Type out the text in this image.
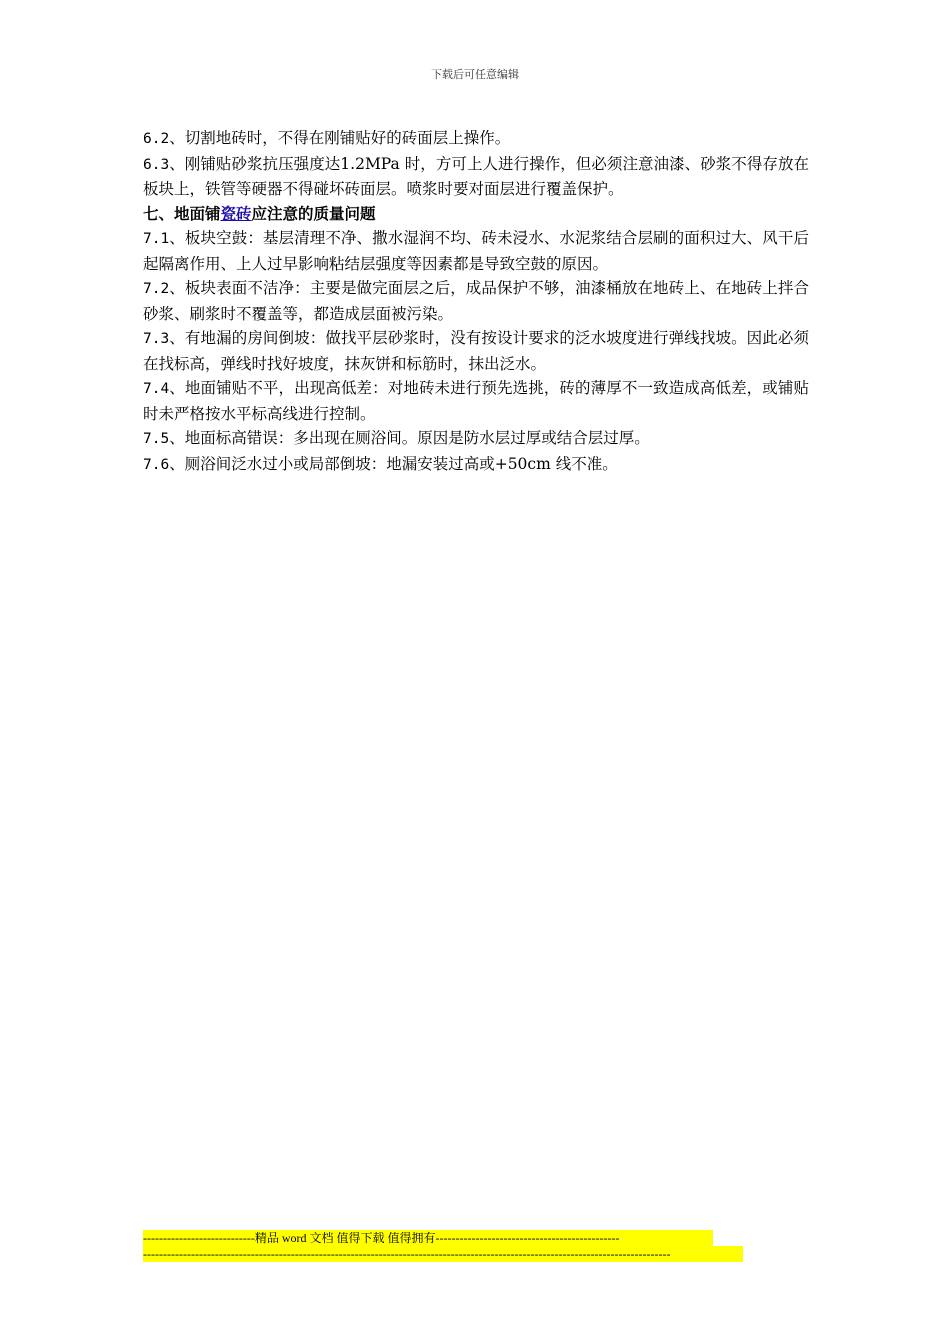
下载后可任意编辑

6.2、切割地砖时，不得在刚铺贴好的砖面层上操作。

6.3、刚铺贴砂浆抗压强度达1.2MPa 时，方可上人进行操作，但必须注意油漆、砂浆不得存放在板块上，铁管等硬器不得碰坏砖面层。喷浆时要对面层进行覆盖保护。

七、地面铺瓷砖应注意的质量问题

7.1、板块空鼓：基层清理不净、撒水湿润不均、砖未浸水、水泥浆结合层刷的面积过大、风干后起隔离作用、上人过早影响粘结层强度等因素都是导致空鼓的原因。

7.2、板块表面不洁净：主要是做完面层之后，成品保护不够，油漆桶放在地砖上、在地砖上拌合砂浆、刷浆时不覆盖等，都造成层面被污染。

7.3、有地漏的房间倒坡：做找平层砂浆时，没有按设计要求的泛水坡度进行弹线找坡。因此必须在找标高，弹线时找好坡度，抹灰饼和标筋时，抹出泛水。

7.4、地面铺贴不平，出现高低差：对地砖未进行预先选挑，砖的薄厚不一致造成高低差，或铺贴时未严格按水平标高线进行控制。

7.5、地面标高错误：多出现在厕浴间。原因是防水层过厚或结合层过厚。

7.6、厕浴间泛水过小或局部倒坡：地漏安装过高或+50cm 线不准。

----------------------------精品 word 文档 值得下载 值得拥有----------------------------------------------
------------------------------------------------------------------------------------------------------------------------------------
